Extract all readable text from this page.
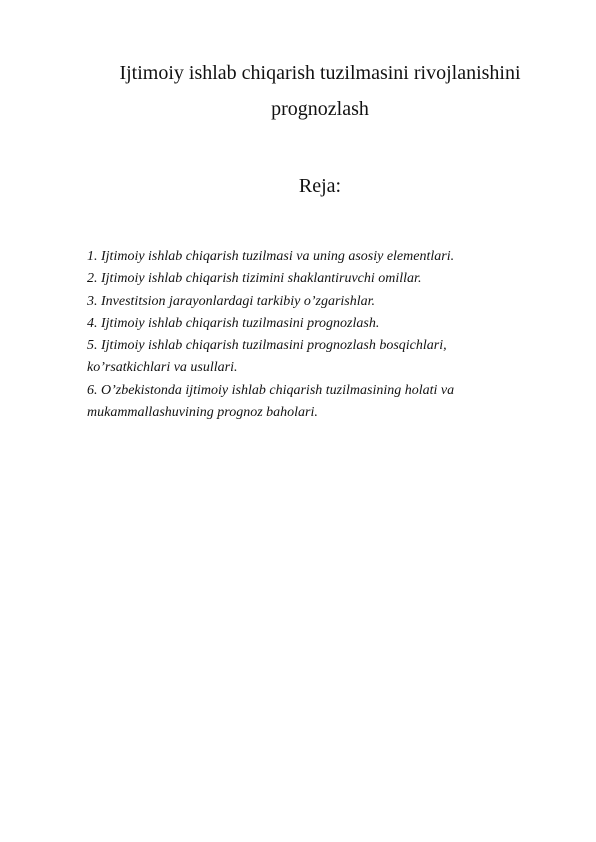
Ijtimoiy ishlab chiqarish tuzilmasini rivojlanishini
prognozlash
Reja:
1. Ijtimoiy ishlab chiqarish tuzilmasi va uning asosiy elementlari.
2. Ijtimoiy ishlab chiqarish tizimini shaklantiruvchi omillar.
3. Investitsion jarayonlardagi tarkibiy o’zgarishlar.
4. Ijtimoiy ishlab chiqarish tuzilmasini prognozlash.
5. Ijtimoiy ishlab chiqarish tuzilmasini prognozlash bosqichlari,
ko’rsatkichlari va usullari.
6. O’zbekistonda ijtimoiy ishlab chiqarish tuzilmasining holati va
mukammallashuvining prognoz baholari.
